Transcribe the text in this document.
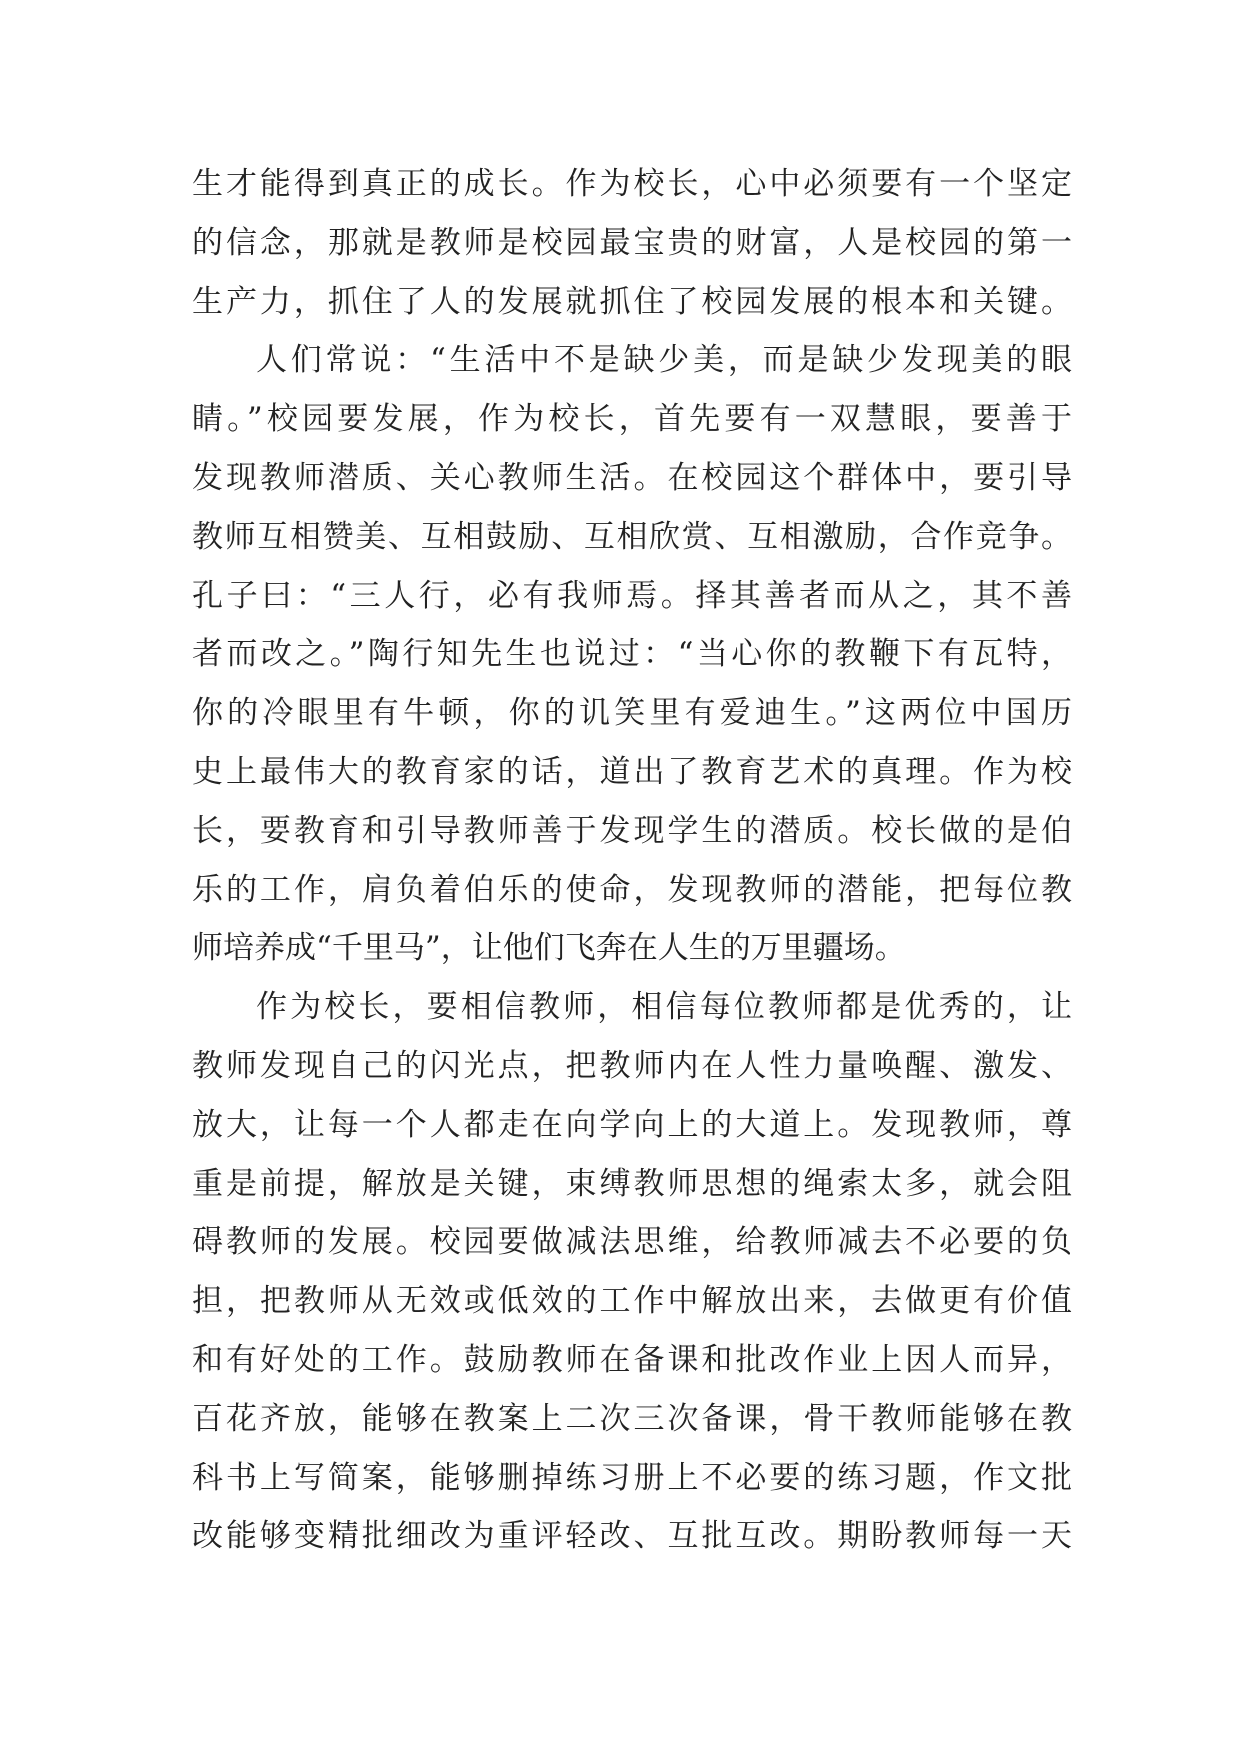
生才能得到真正的成长。作为校长，心中必须要有一个坚定
的信念，那就是教师是校园最宝贵的财富，人是校园的第一
生产力，抓住了人的发展就抓住了校园发展的根本和关键。
人们常说：“生活中不是缺少美，而是缺少发现美的眼
睛。”校园要发展，作为校长，首先要有一双慧眼，要善于
发现教师潜质、关心教师生活。在校园这个群体中，要引导
教师互相赞美、互相鼓励、互相欣赏、互相激励，合作竞争。
孔子曰：“三人行，必有我师焉。择其善者而从之，其不善
者而改之。”陶行知先生也说过：“当心你的教鞭下有瓦特，
你的冷眼里有牛顿，你的讥笑里有爱迪生。”这两位中国历
史上最伟大的教育家的话，道出了教育艺术的真理。作为校
长，要教育和引导教师善于发现学生的潜质。校长做的是伯
乐的工作，肩负着伯乐的使命，发现教师的潜能，把每位教
师培养成“千里马”，让他们飞奔在人生的万里疆场。
作为校长，要相信教师，相信每位教师都是优秀的，让
教师发现自己的闪光点，把教师内在人性力量唤醒、激发、
放大，让每一个人都走在向学向上的大道上。发现教师，尊
重是前提，解放是关键，束缚教师思想的绳索太多，就会阻
碍教师的发展。校园要做减法思维，给教师减去不必要的负
担，把教师从无效或低效的工作中解放出来，去做更有价值
和有好处的工作。鼓励教师在备课和批改作业上因人而异，
百花齐放，能够在教案上二次三次备课，骨干教师能够在教
科书上写简案，能够删掉练习册上不必要的练习题，作文批
改能够变精批细改为重评轻改、互批互改。期盼教师每一天
